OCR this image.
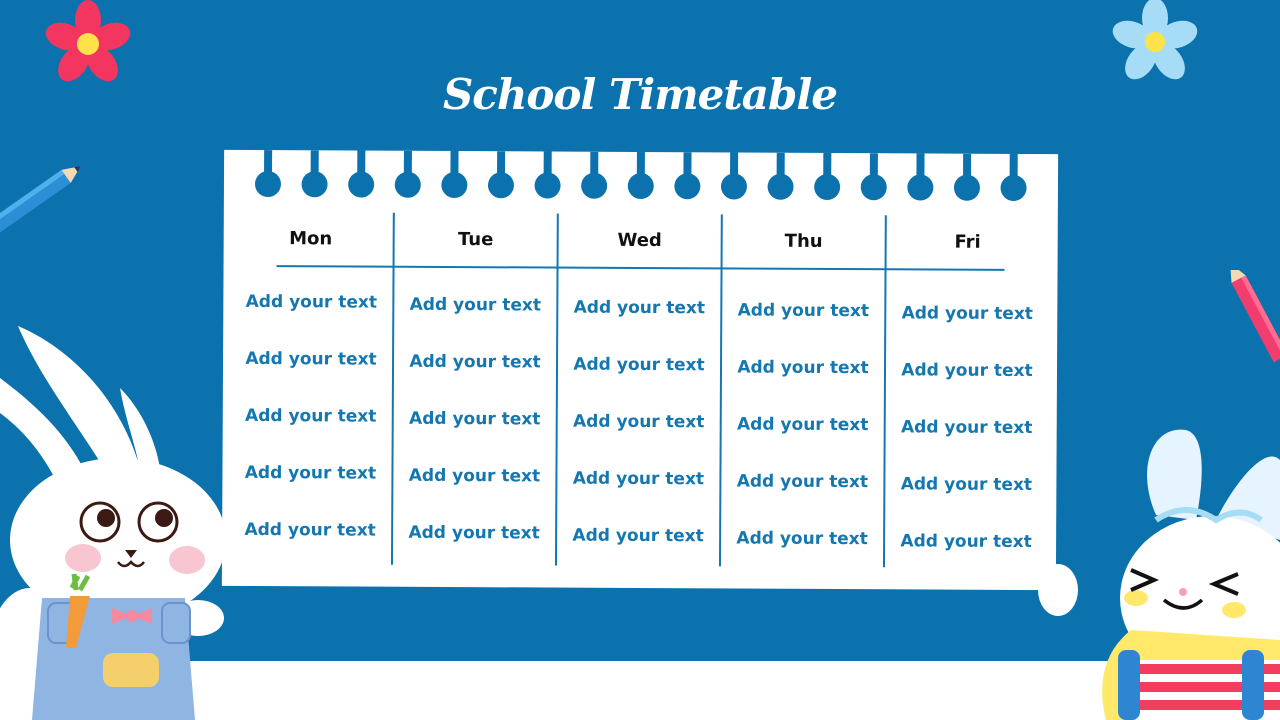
School Timetable
Mon	Tue	Wed	Thu	Fri
Add your text	Add your text	Add your text	Add your text	Add your text
Add your text	Add your text	Add your text	Add your text	Add your text
Add your text	Add your text	Add your text	Add your text	Add your text
Add your text	Add your text	Add your text	Add your text	Add your text
Add your text	Add your text	Add your text	Add your text	Add your text
